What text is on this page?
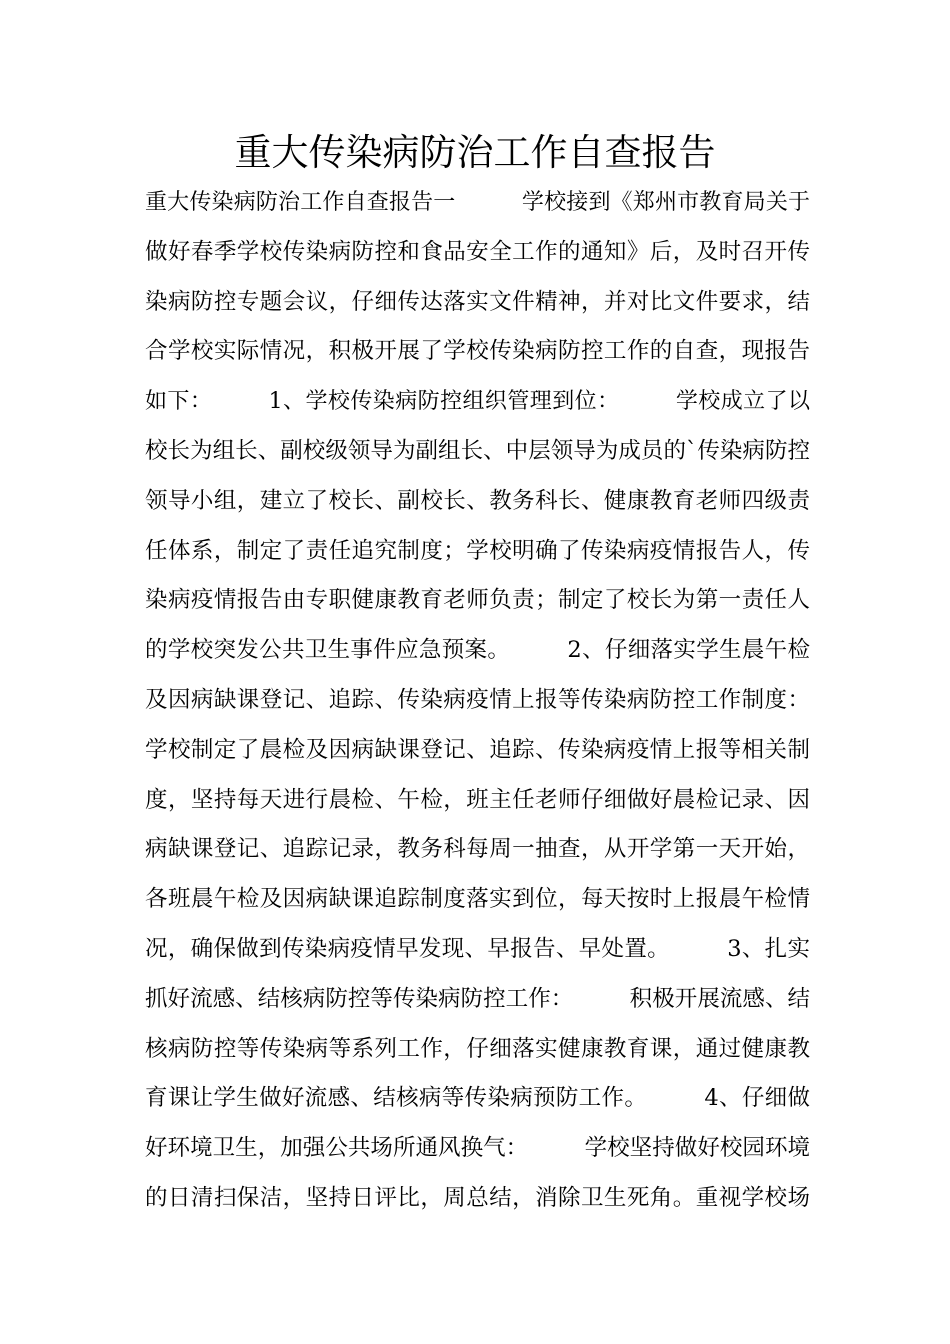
重大传染病防治工作自查报告
重大传染病防治工作自查报告一　　　学校接到《郑州市教育局关于
做好春季学校传染病防控和食品安全工作的通知》后，及时召开传
染病防控专题会议，仔细传达落实文件精神，并对比文件要求，结
合学校实际情况，积极开展了学校传染病防控工作的自查，现报告
如下：　　　1、学校传染病防控组织管理到位：　　　学校成立了以
校长为组长、副校级领导为副组长、中层领导为成员的`传染病防控
领导小组，建立了校长、副校长、教务科长、健康教育老师四级责
任体系，制定了责任追究制度；学校明确了传染病疫情报告人，传
染病疫情报告由专职健康教育老师负责；制定了校长为第一责任人
的学校突发公共卫生事件应急预案。　　　2、仔细落实学生晨午检
及因病缺课登记、追踪、传染病疫情上报等传染病防控工作制度：
学校制定了晨检及因病缺课登记、追踪、传染病疫情上报等相关制
度，坚持每天进行晨检、午检，班主任老师仔细做好晨检记录、因
病缺课登记、追踪记录，教务科每周一抽查，从开学第一天开始，
各班晨午检及因病缺课追踪制度落实到位，每天按时上报晨午检情
况，确保做到传染病疫情早发现、早报告、早处置。　　　3、扎实
抓好流感、结核病防控等传染病防控工作：　　　积极开展流感、结
核病防控等传染病等系列工作，仔细落实健康教育课，通过健康教
育课让学生做好流感、结核病等传染病预防工作。　　　4、仔细做
好环境卫生，加强公共场所通风换气：　　　学校坚持做好校园环境
的日清扫保洁，坚持日评比，周总结，消除卫生死角。重视学校场
